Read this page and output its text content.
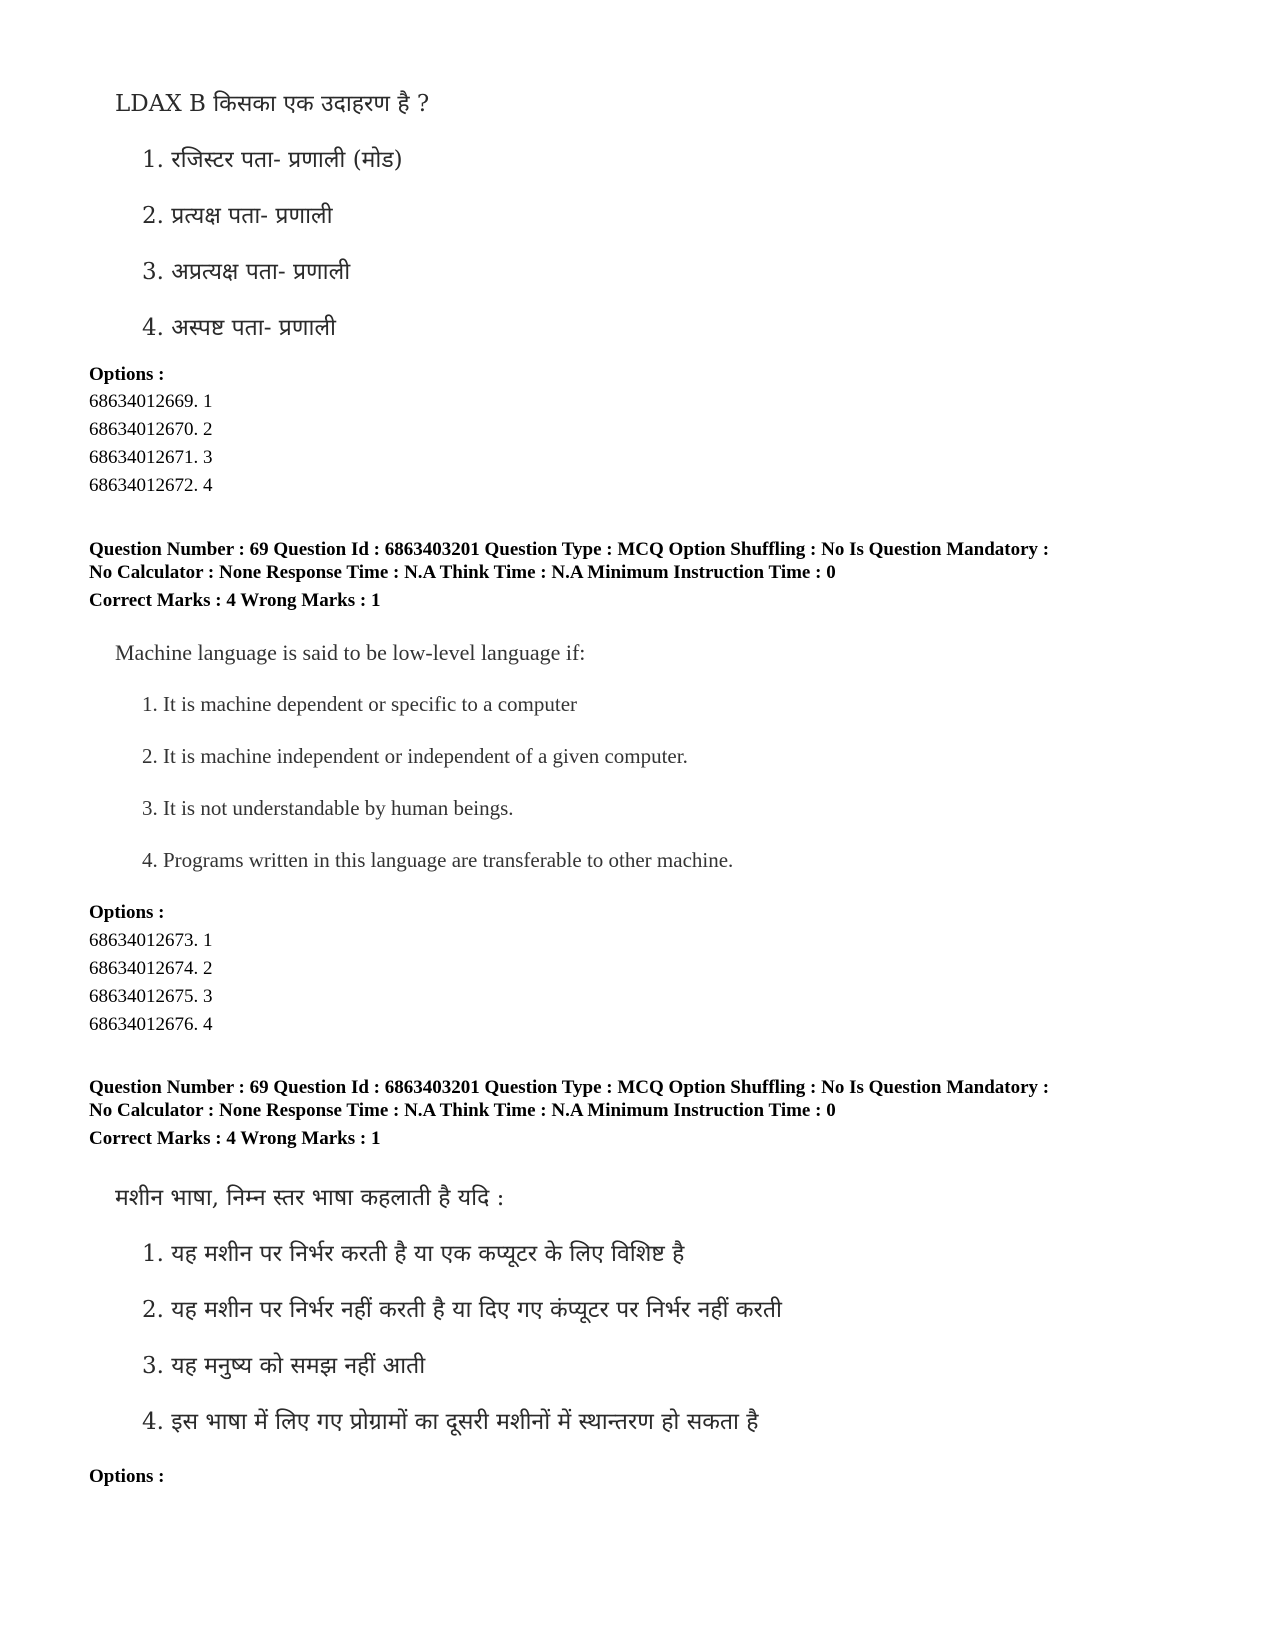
LDAX B किसका एक उदाहरण है ?
1. रजिस्टर पता- प्रणाली (मोड)
2. प्रत्यक्ष पता- प्रणाली
3. अप्रत्यक्ष पता- प्रणाली
4. अस्पष्ट पता- प्रणाली
Options :
68634012669. 1
68634012670. 2
68634012671. 3
68634012672. 4
Question Number : 69 Question Id : 6863403201 Question Type : MCQ Option Shuffling : No Is Question Mandatory :
No Calculator : None Response Time : N.A Think Time : N.A Minimum Instruction Time : 0
Correct Marks : 4 Wrong Marks : 1
Machine language is said to be low-level language if:
1. It is machine dependent or specific to a computer
2. It is machine independent or independent of a given computer.
3. It is not understandable by human beings.
4. Programs written in this language are transferable to other machine.
Options :
68634012673. 1
68634012674. 2
68634012675. 3
68634012676. 4
Question Number : 69 Question Id : 6863403201 Question Type : MCQ Option Shuffling : No Is Question Mandatory :
No Calculator : None Response Time : N.A Think Time : N.A Minimum Instruction Time : 0
Correct Marks : 4 Wrong Marks : 1
मशीन भाषा, निम्न स्तर भाषा कहलाती है यदि :
1. यह मशीन पर निर्भर करती है या एक कप्यूटर के लिए विशिष्ट है
2. यह मशीन पर निर्भर नहीं करती है या दिए गए कंप्यूटर पर निर्भर नहीं करती
3. यह मनुष्य को समझ नहीं आती
4. इस भाषा में लिए गए प्रोग्रामों का दूसरी मशीनों में स्थान्तरण हो सकता है
Options :
